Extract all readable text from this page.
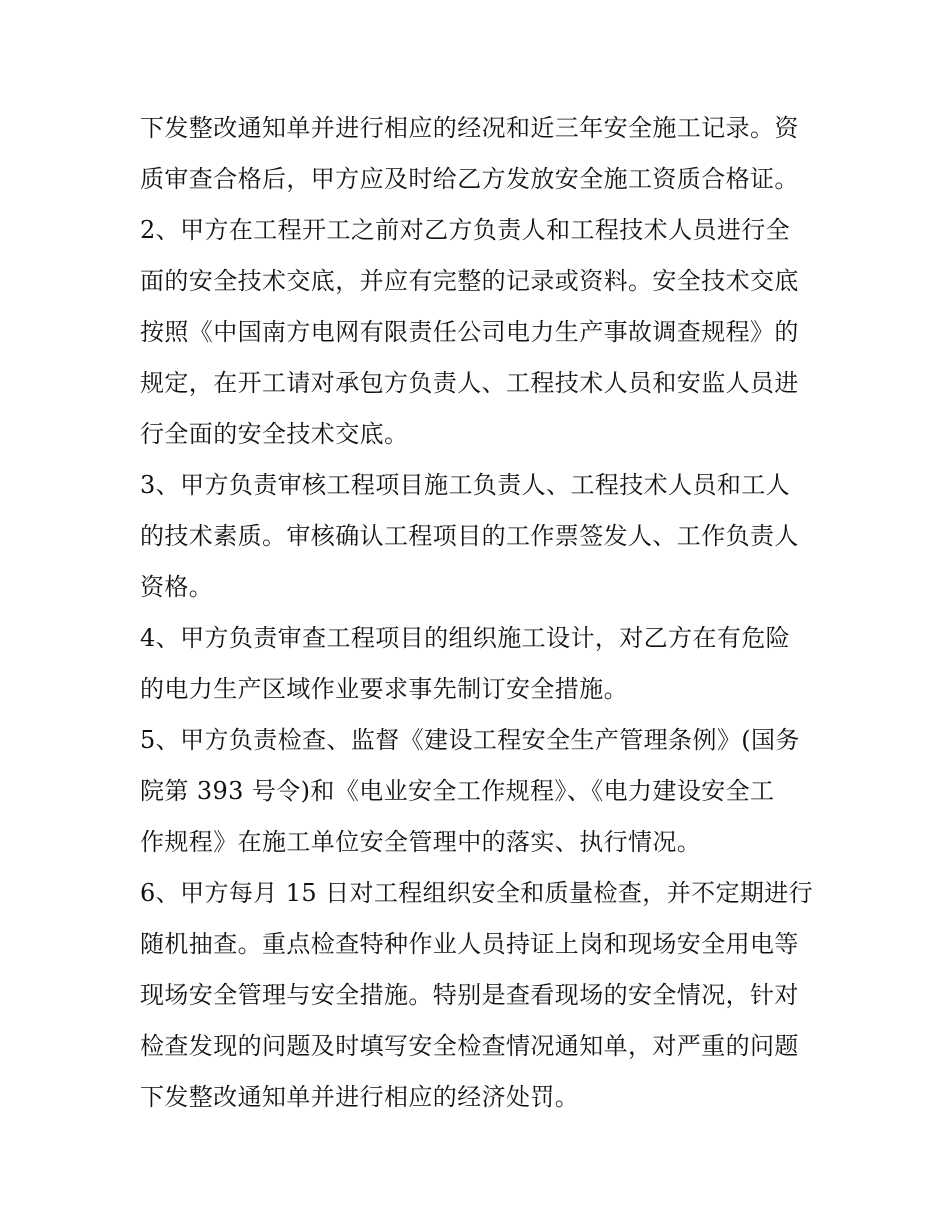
下发整改通知单并进行相应的经况和近三年安全施工记录。资
质审查合格后，甲方应及时给乙方发放安全施工资质合格证。
2、甲方在工程开工之前对乙方负责人和工程技术人员进行全
面的安全技术交底，并应有完整的记录或资料。安全技术交底
按照《中国南方电网有限责任公司电力生产事故调查规程》的
规定，在开工请对承包方负责人、工程技术人员和安监人员进
行全面的安全技术交底。
3、甲方负责审核工程项目施工负责人、工程技术人员和工人
的技术素质。审核确认工程项目的工作票签发人、工作负责人
资格。
4、甲方负责审查工程项目的组织施工设计，对乙方在有危险
的电力生产区域作业要求事先制订安全措施。
5、甲方负责检查、监督《建设工程安全生产管理条例》(国务
院第 393 号令)和《电业安全工作规程》、《电力建设安全工
作规程》在施工单位安全管理中的落实、执行情况。
6、甲方每月 15 日对工程组织安全和质量检查，并不定期进行
随机抽查。重点检查特种作业人员持证上岗和现场安全用电等
现场安全管理与安全措施。特别是查看现场的安全情况，针对
检查发现的问题及时填写安全检查情况通知单，对严重的问题
下发整改通知单并进行相应的经济处罚。
